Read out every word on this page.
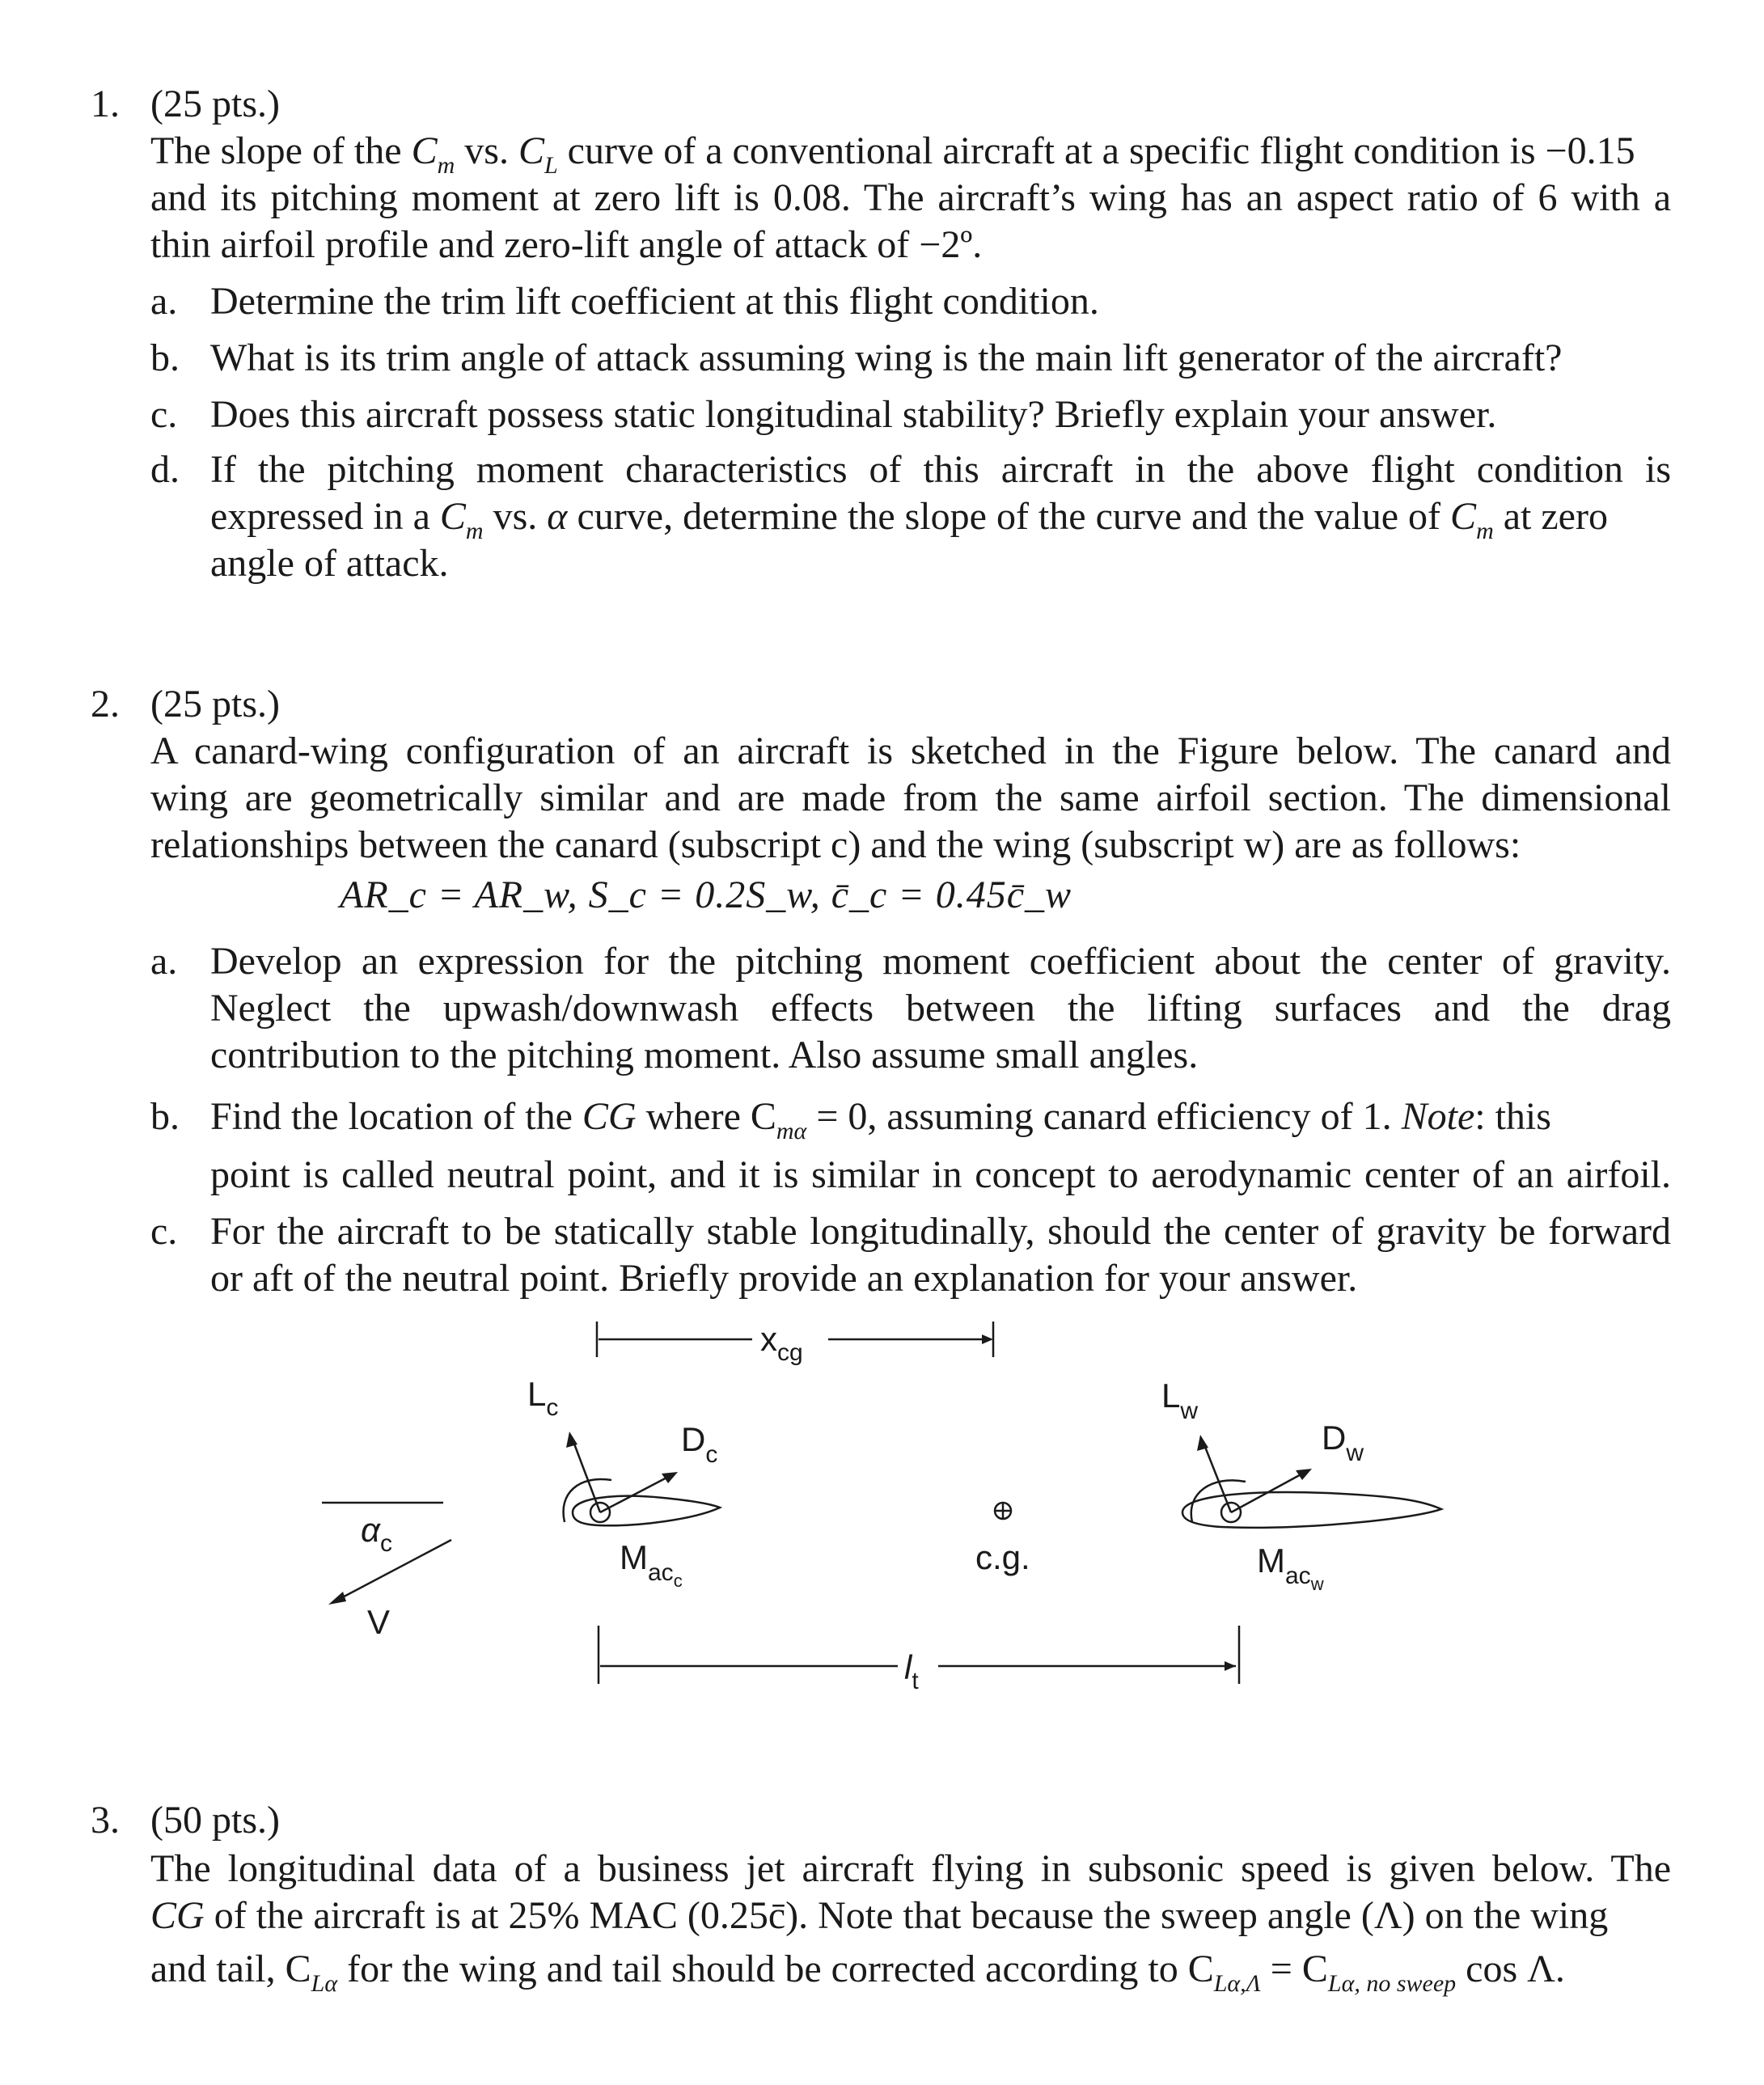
1. (25 pts.)
The slope of the $C_m$ vs. $C_L$ curve of a conventional aircraft at a specific flight condition is −0.15
and its pitching moment at zero lift is 0.08. The aircraft’s wing has an aspect ratio of 6 with a
thin airfoil profile and zero-lift angle of attack of −2º.
a. Determine the trim lift coefficient at this flight condition.
b. What is its trim angle of attack assuming wing is the main lift generator of the aircraft?
c. Does this aircraft possess static longitudinal stability? Briefly explain your answer.
d. If the pitching moment characteristics of this aircraft in the above flight condition is
expressed in a $C_m$ vs. α curve, determine the slope of the curve and the value of $C_m$ at zero
angle of attack.
2. (25 pts.)
A canard-wing configuration of an aircraft is sketched in the Figure below. The canard and
wing are geometrically similar and are made from the same airfoil section. The dimensional
relationships between the canard (subscript c) and the wing (subscript w) are as follows:
AR_c = AR_w, S_c = 0.2S_w, c̄_c = 0.45c̄_w
a. Develop an expression for the pitching moment coefficient about the center of gravity.
Neglect the upwash/downwash effects between the lifting surfaces and the drag
contribution to the pitching moment. Also assume small angles.
b. Find the location of the CG where $C_{m\alpha} = 0$, assuming canard efficiency of 1. Note: this
point is called neutral point, and it is similar in concept to aerodynamic center of an airfoil.
c. For the aircraft to be statically stable longitudinally, should the center of gravity be forward
or aft of the neutral point. Briefly provide an explanation for your answer.
$x_{cg}$
$L_c$
$D_c$
$M_{ac}c$
$\alpha_c$
V
c.g.
$L_w$
$D_w$
$M_{ac}w$
$l_t$
3. (50 pts.)
The longitudinal data of a business jet aircraft flying in subsonic speed is given below. The
CG of the aircraft is at 25% MAC (0.25c̄). Note that because the sweep angle (Λ) on the wing
and tail, $C_{L\alpha}$ for the wing and tail should be corrected according to $C_{L\alpha,\Lambda} = C_{L\alpha, no sweep}$ cos Λ.
